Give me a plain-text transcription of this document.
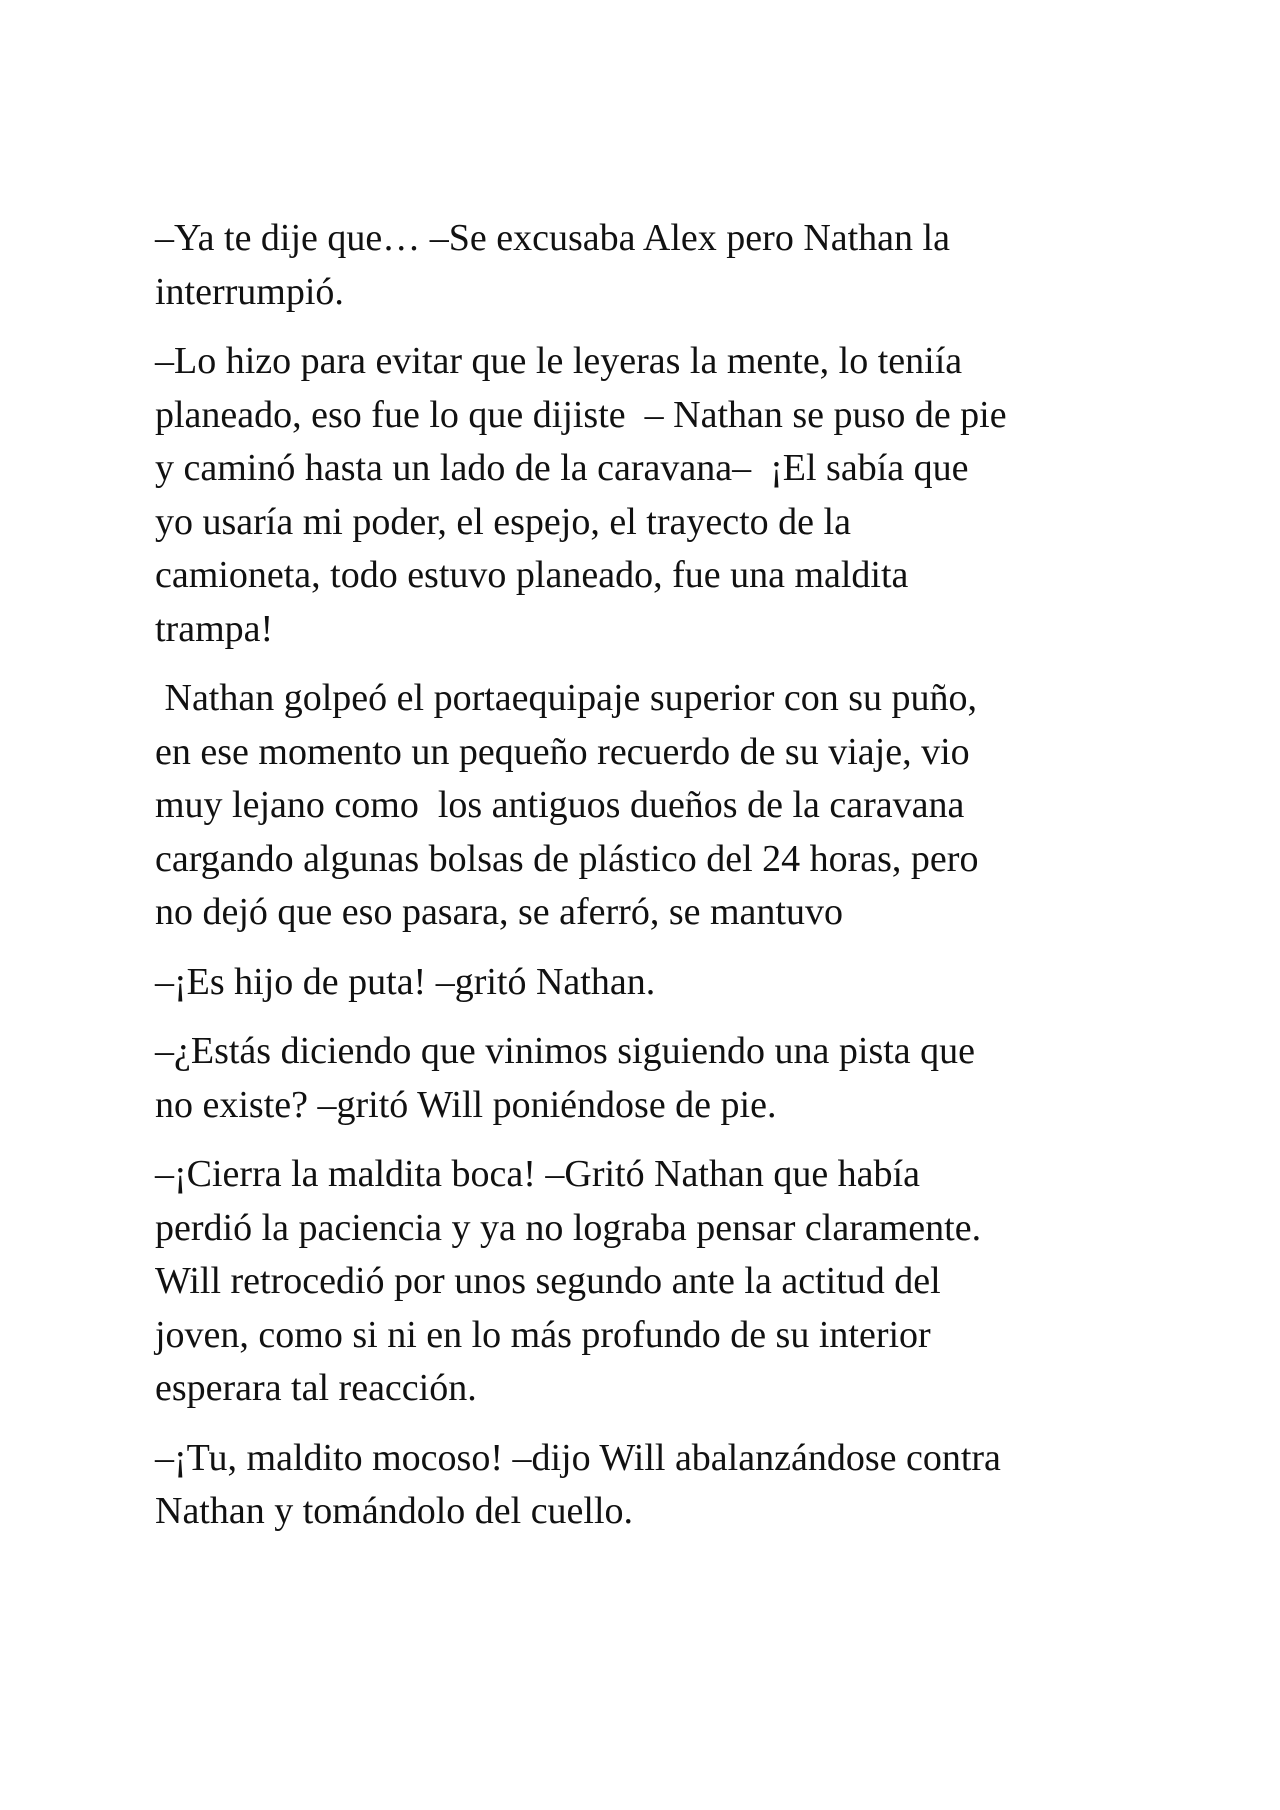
–Ya te dije que… –Se excusaba Alex pero Nathan la
interrumpió.

–Lo hizo para evitar que le leyeras la mente, lo teniía
planeado, eso fue lo que dijiste  – Nathan se puso de pie
y caminó hasta un lado de la caravana–  ¡El sabía que
yo usaría mi poder, el espejo, el trayecto de la
camioneta, todo estuvo planeado, fue una maldita
trampa!

Nathan golpeó el portaequipaje superior con su puño,
en ese momento un pequeño recuerdo de su viaje, vio
muy lejano como  los antiguos dueños de la caravana
cargando algunas bolsas de plástico del 24 horas, pero
no dejó que eso pasara, se aferró, se mantuvo

–¡Es hijo de puta! –gritó Nathan.

–¿Estás diciendo que vinimos siguiendo una pista que
no existe? –gritó Will poniéndose de pie.

–¡Cierra la maldita boca! –Gritó Nathan que había
perdió la paciencia y ya no lograba pensar claramente.
Will retrocedió por unos segundo ante la actitud del
joven, como si ni en lo más profundo de su interior
esperara tal reacción.

–¡Tu, maldito mocoso! –dijo Will abalanzándose contra
Nathan y tomándolo del cuello.
